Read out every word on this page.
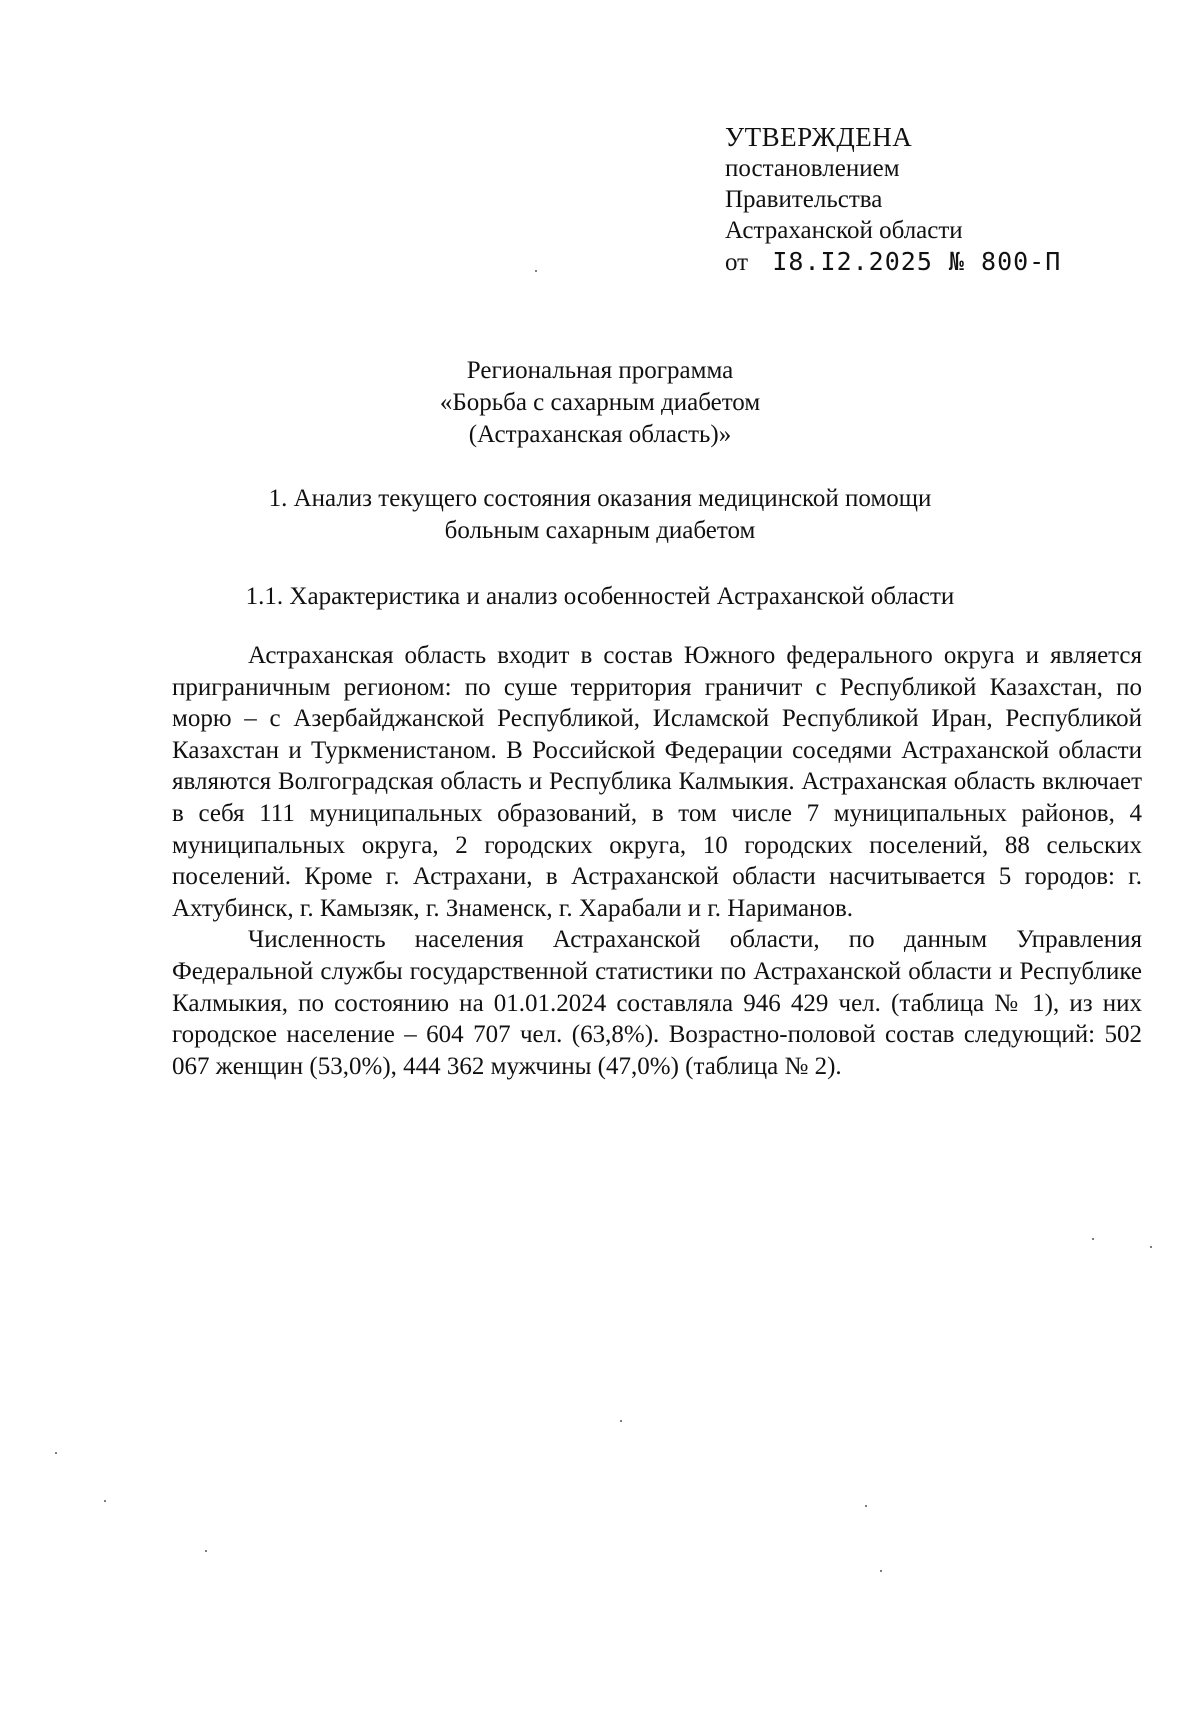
УТВЕРЖДЕНА
постановлением
Правительства
Астраханской области
от I8.I2.2025 № 800-П
Региональная программа
«Борьба с сахарным диабетом
(Астраханская область)»
1. Анализ текущего состояния оказания медицинской помощи
больным сахарным диабетом
1.1. Характеристика и анализ особенностей Астраханской области

Астраханская область входит в состав Южного федерального округа и является приграничным регионом: по суше территория граничит с Республикой Казахстан, по морю – с Азербайджанской Республикой, Исламской Республикой Иран, Республикой Казахстан и Туркменистаном. В Российской Федерации соседями Астраханской области являются Волгоградская область и Республика Калмыкия. Астраханская область включает в себя 111 муниципальных образований, в том числе 7 муниципальных районов, 4 муниципальных округа, 2 городских округа, 10 городских поселений, 88 сельских поселений. Кроме г. Астрахани, в Астраханской области насчитывается 5 городов: г. Ахтубинск, г. Камызяк, г. Знаменск, г. Харабали и г. Нариманов.

Численность населения Астраханской области, по данным Управления Федеральной службы государственной статистики по Астраханской области и Республике Калмыкия, по состоянию на 01.01.2024 составляла 946 429 чел. (таблица № 1), из них городское население – 604 707 чел. (63,8%). Возрастно-половой состав следующий: 502 067 женщин (53,0%), 444 362 мужчины (47,0%) (таблица № 2).
